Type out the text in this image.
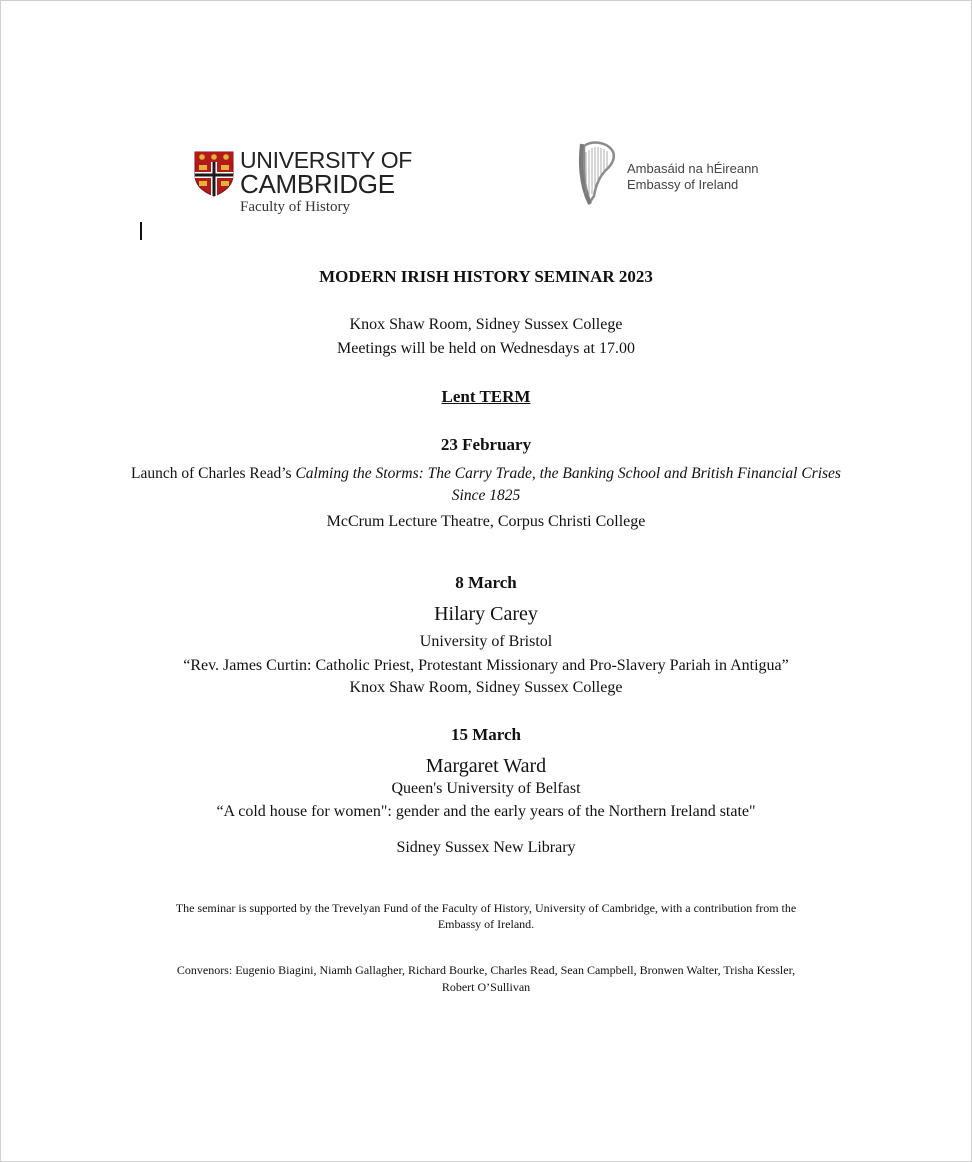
UNIVERSITY OF
CAMBRIDGE
Faculty of History
Ambasáid na hÉireann
Embassy of Ireland
MODERN IRISH HISTORY SEMINAR 2023
Knox Shaw Room, Sidney Sussex College
Meetings will be held on Wednesdays at 17.00
Lent TERM
23 February
Launch of Charles Read’s Calming the Storms: The Carry Trade, the Banking School and British Financial Crises
Since 1825
McCrum Lecture Theatre, Corpus Christi College
8 March
Hilary Carey
University of Bristol
“Rev. James Curtin: Catholic Priest, Protestant Missionary and Pro-Slavery Pariah in Antigua”
Knox Shaw Room, Sidney Sussex College
15 March
Margaret Ward
Queen's University of Belfast
“A cold house for women": gender and the early years of the Northern Ireland state"
Sidney Sussex New Library
The seminar is supported by the Trevelyan Fund of the Faculty of History, University of Cambridge, with a contribution from the
Embassy of Ireland.
Convenors: Eugenio Biagini, Niamh Gallagher, Richard Bourke, Charles Read, Sean Campbell, Bronwen Walter, Trisha Kessler,
Robert O’Sullivan
